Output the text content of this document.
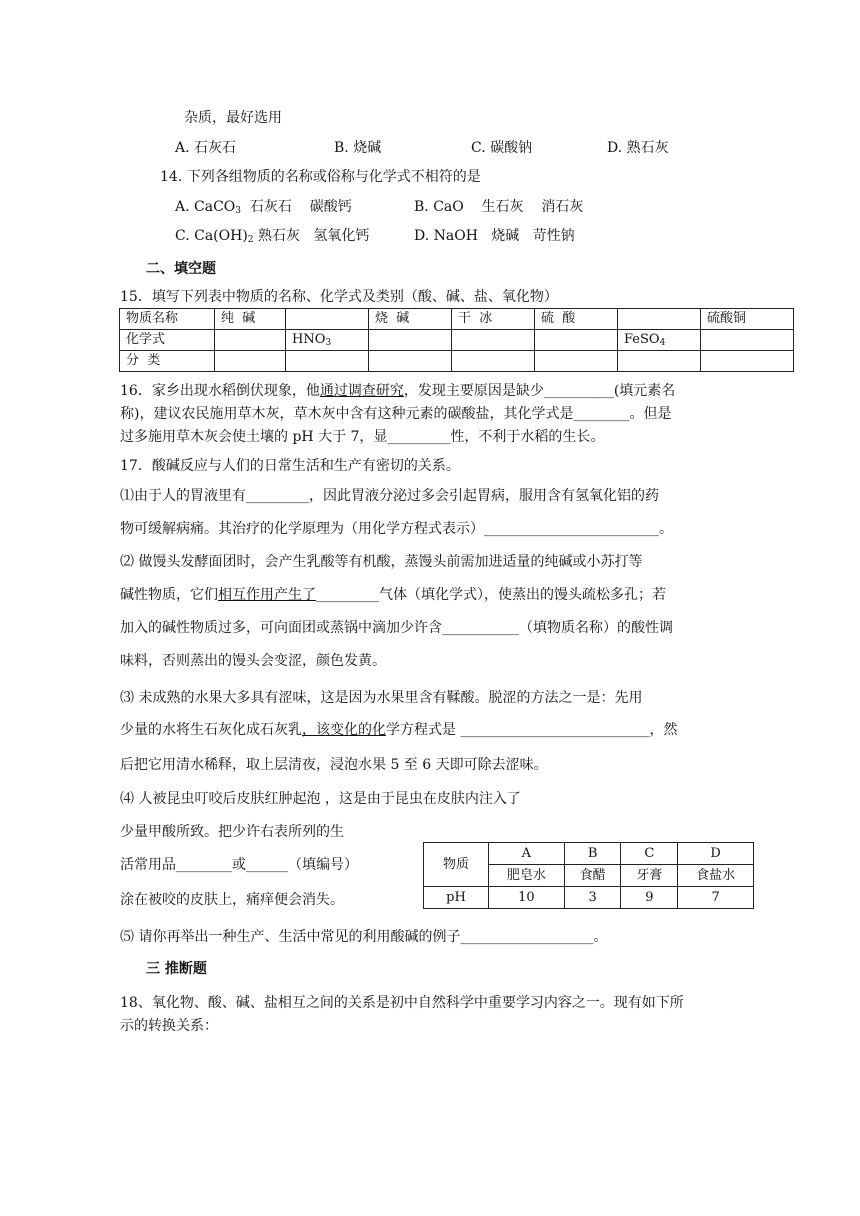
杂质，最好选用
A. 石灰石	B. 烧碱	C. 碳酸钠	D. 熟石灰
14. 下列各组物质的名称或俗称与化学式不相符的是
A. CaCO$_3$  石灰石    碳酸钙	B. CaO    生石灰    消石灰
C. $Ca(OH)_2$ 熟石灰   氢氧化钙	D. NaOH   烧碱   苛性钠
二、填空题
15．填写下列表中物质的名称、化学式及类别（酸、碱、盐、氧化物）
物质名称	纯  碱		烧  碱	干  冰	硫  酸		硫酸铜
化学式		$HNO_3$				FeSO$_4$	
分  类							
16．家乡出现水稻倒伏现象，他通过调查研究，发现主要原因是缺少__________(填元素名
称)，建议农民施用草木灰，草木灰中含有这种元素的碳酸盐，其化学式是________。但是
过多施用草木灰会使土壤的 pH 大于 7，显_________性，不利于水稻的生长。
17．酸碱反应与人们的日常生活和生产有密切的关系。
⑴由于人的胃液里有_________，因此胃液分泌过多会引起胃病，服用含有氢氧化铝的药
物可缓解病痛。其治疗的化学原理为（用化学方程式表示）_________________________。
⑵ 做馒头发酵面团时，会产生乳酸等有机酸，蒸馒头前需加进适量的纯碱或小苏打等
碱性物质，它们相互作用产生了_________气体（填化学式），使蒸出的馒头疏松多孔；若
加入的碱性物质过多，可向面团或蒸锅中滴加少许含___________（填物质名称）的酸性调
味料，否则蒸出的馒头会变涩，颜色发黄。
⑶ 未成熟的水果大多具有涩味，这是因为水果里含有鞣酸。脱涩的方法之一是：先用
少量的水将生石灰化成石灰乳，该变化的化学方程式是 ___________________________，然
后把它用清水稀释，取上层清夜，浸泡水果 5 至 6 天即可除去涩味。
⑷ 人被昆虫叮咬后皮肤红肿起泡 ，这是由于昆虫在皮肤内注入了
少量甲酸所致。把少许右表所列的生
活常用品________或______（填编号）
涂在被咬的皮肤上，痛痒便会消失。
物质	A	B	C	D
	肥皂水	食醋	牙膏	食盐水
pH	10	3	9	7
⑸ 请你再举出一种生产、生活中常见的利用酸碱的例子___________________。
三 推断题
18、氧化物、酸、碱、盐相互之间的关系是初中自然科学中重要学习内容之一。现有如下所
示的转换关系：
